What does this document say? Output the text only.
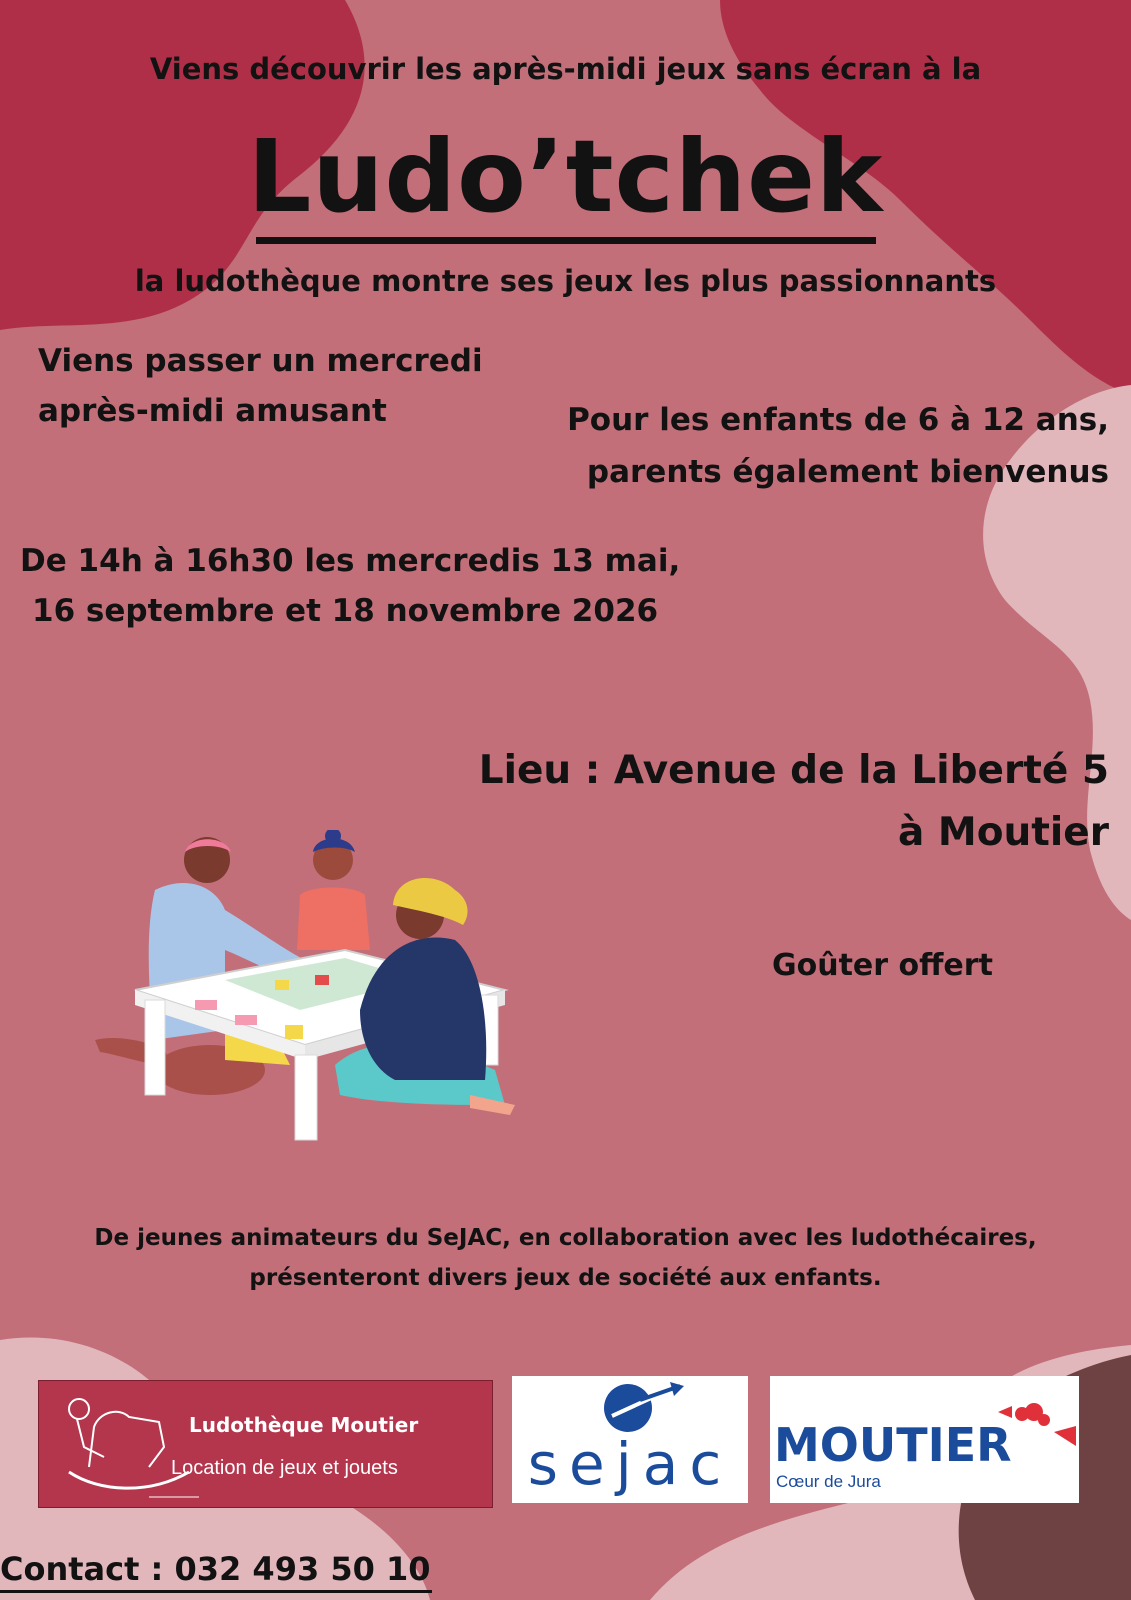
Viens découvrir les après-midi jeux sans écran à la
Ludo’tchek
la ludothèque montre ses jeux les plus passionnants
Viens passer un mercredi
après-midi amusant	Pour les enfants de 6 à 12 ans,
parents également bienvenus
De 14h à 16h30 les mercredis 13 mai,
16 septembre et 18 novembre 2026
Lieu : Avenue de la Liberté 5
à Moutier
Goûter offert
De jeunes animateurs du SeJAC, en collaboration avec les ludothécaires,
présenteront divers jeux de société aux enfants.
Ludothèque Moutier
Location de jeux et jouets sejac MOUTIER
Cœur de Jura
Contact : 032 493 50 10
